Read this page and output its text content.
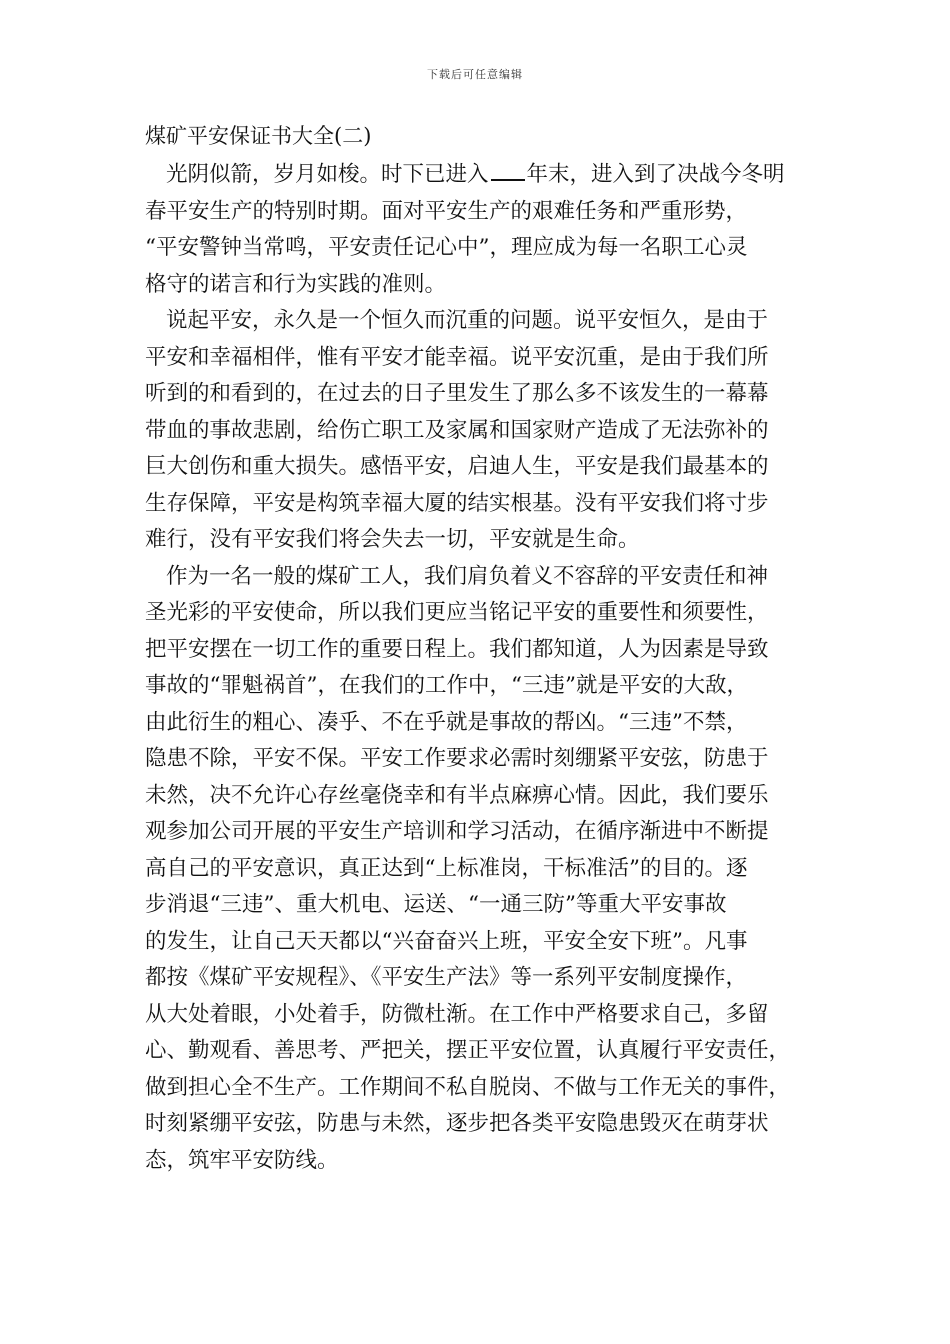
下载后可任意编辑
煤矿平安保证书大全(二)
光阴似箭，岁月如梭。时下已进入 年末，进入到了决战今冬明
春平安生产的特别时期。面对平安生产的艰难任务和严重形势，
“平安警钟当常鸣，平安责任记心中”，理应成为每一名职工心灵
格守的诺言和行为实践的准则。
说起平安，永久是一个恒久而沉重的问题。说平安恒久，是由于
平安和幸福相伴，惟有平安才能幸福。说平安沉重，是由于我们所
听到的和看到的，在过去的日子里发生了那么多不该发生的一幕幕
带血的事故悲剧，给伤亡职工及家属和国家财产造成了无法弥补的
巨大创伤和重大损失。感悟平安，启迪人生，平安是我们最基本的
生存保障，平安是构筑幸福大厦的结实根基。没有平安我们将寸步
难行，没有平安我们将会失去一切，平安就是生命。
作为一名一般的煤矿工人，我们肩负着义不容辞的平安责任和神
圣光彩的平安使命，所以我们更应当铭记平安的重要性和须要性，
把平安摆在一切工作的重要日程上。我们都知道，人为因素是导致
事故的“罪魁祸首”，在我们的工作中，“三违”就是平安的大敌，
由此衍生的粗心、凑乎、不在乎就是事故的帮凶。“三违”不禁，
隐患不除，平安不保。平安工作要求必需时刻绷紧平安弦，防患于
未然，决不允许心存丝毫侥幸和有半点麻痹心情。因此，我们要乐
观参加公司开展的平安生产培训和学习活动，在循序渐进中不断提
高自己的平安意识，真正达到“上标准岗，干标准活”的目的。逐
步消退“三违”、重大机电、运送、“一通三防”等重大平安事故
的发生，让自己天天都以“兴奋奋兴上班，平安全安下班”。凡事
都按《煤矿平安规程》、《平安生产法》等一系列平安制度操作，
从大处着眼，小处着手，防微杜渐。在工作中严格要求自己，多留
心、勤观看、善思考、严把关，摆正平安位置，认真履行平安责任，
做到担心全不生产。工作期间不私自脱岗、不做与工作无关的事件，
时刻紧绷平安弦，防患与未然，逐步把各类平安隐患毁灭在萌芽状
态，筑牢平安防线。
